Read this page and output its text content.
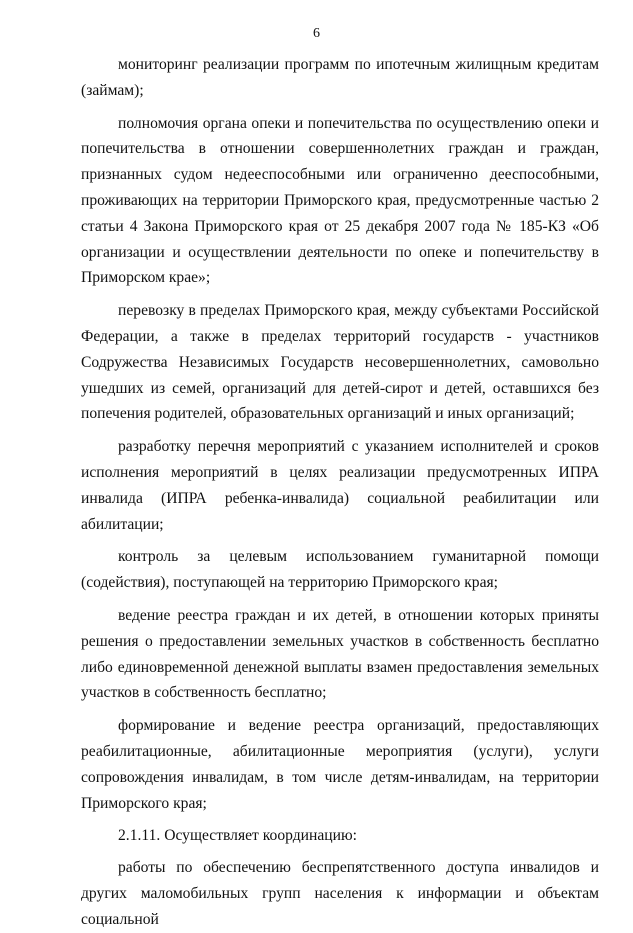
6

мониторинг реализации программ по ипотечным жилищным кредитам (займам);

полномочия органа опеки и попечительства по осуществлению опеки и попечительства в отношении совершеннолетних граждан и граждан, признанных судом недееспособными или ограниченно дееспособными, проживающих на территории Приморского края, предусмотренные частью 2 статьи 4 Закона Приморского края от 25 декабря 2007 года № 185-КЗ «Об организации и осуществлении деятельности по опеке и попечительству в Приморском крае»;

перевозку в пределах Приморского края, между субъектами Российской Федерации, а также в пределах территорий государств - участников Содружества Независимых Государств несовершеннолетних, самовольно ушедших из семей, организаций для детей-сирот и детей, оставшихся без попечения родителей, образовательных организаций и иных организаций;

разработку перечня мероприятий с указанием исполнителей и сроков исполнения мероприятий в целях реализации предусмотренных ИПРА инвалида (ИПРА ребенка-инвалида) социальной реабилитации или абилитации;

контроль за целевым использованием гуманитарной помощи (содействия), поступающей на территорию Приморского края;

ведение реестра граждан и их детей, в отношении которых приняты решения о предоставлении земельных участков в собственность бесплатно либо единовременной денежной выплаты взамен предоставления земельных участков в собственность бесплатно;

формирование и ведение реестра организаций, предоставляющих реабилитационные, абилитационные мероприятия (услуги), услуги сопровождения инвалидам, в том числе детям-инвалидам, на территории Приморского края;

2.1.11. Осуществляет координацию:

работы по обеспечению беспрепятственного доступа инвалидов и других маломобильных групп населения к информации и объектам социальной
